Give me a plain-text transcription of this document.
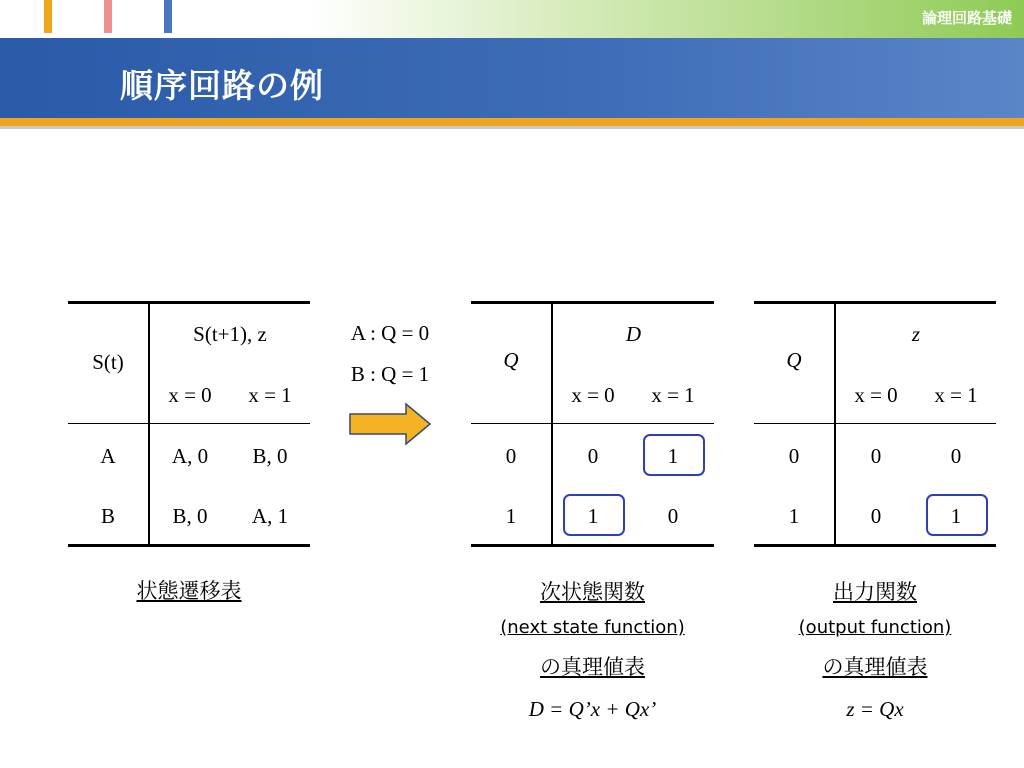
論理回路基礎
順序回路の例
S(t)
S(t+1), z
x = 0	x = 1
A	A, 0	B, 0
B	B, 0	A, 1
状態遷移表
A : Q = 0
B : Q = 1
Q
D
x = 0	x = 1
0	0	1
1	1	0
次状態関数
(next state function)
の真理値表
D = Q’x + Qx’
Q
z
x = 0	x = 1
0	0	0
1	0	1
出力関数
(output function)
の真理値表
z = Qx
